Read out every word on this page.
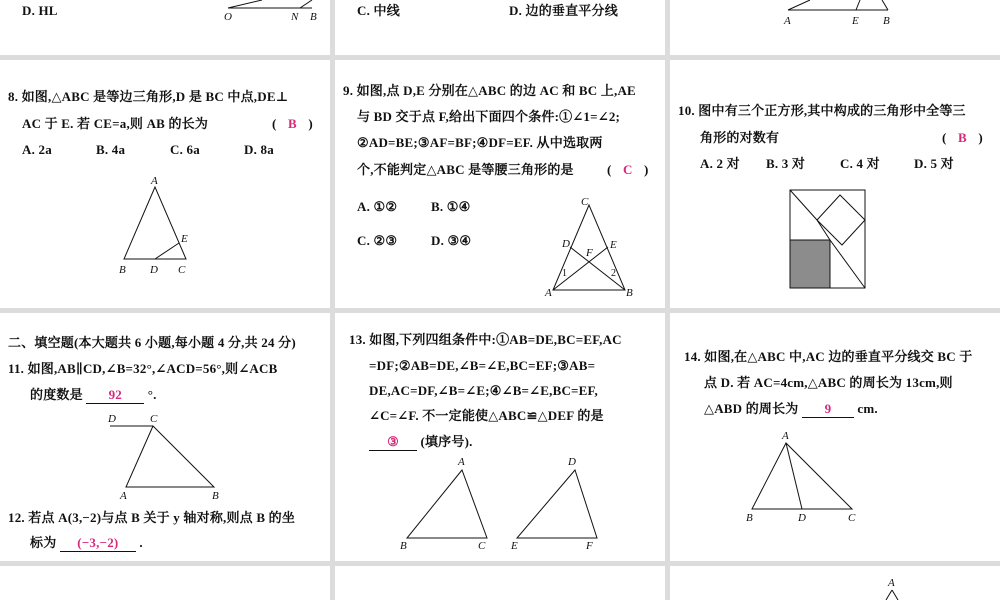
D. HL	O	N B	C. 中线	D. 边的垂直平分线
A	E B
8. 如图,△ABC 是等边三角形,D 是 BC 中点,DE⊥
AC 于 E. 若 CE=a,则 AB 的长为	( B )
A. 2a	B. 4a	C. 6a	D. 8a
A
B D C
E
9. 如图,点 D,E 分别在△ABC 的边 AC 和 BC 上,AE
与 BD 交于点 F,给出下面四个条件:①∠1=∠2;
②AD=BE;③AF=BF;④DF=EF. 从中选取两
个,不能判定△ABC 是等腰三角形的是	( C )
A. ①②	B. ①④
C. ②③	D. ③④
C
D	E
F
1	2
A	B
10. 图中有三个正方形,其中构成的三角形中全等三
角形的对数有	( B )
A. 2 对 B. 3 对	C. 4 对	D. 5 对
二、填空题(本大题共 6 小题,每小题 4 分,共 24 分)
11. 如图,AB∥CD,∠B=32°,∠ACD=56°,则∠ACB
的度数是 92 °.
D	C
A	B
12. 若点 A(3,−2)与点 B 关于 y 轴对称,则点 B 的坐
标为 (−3,−2) .
13. 如图,下列四组条件中:①AB=DE,BC=EF,AC
=DF;②AB=DE,∠B=∠E,BC=EF;③AB=
DE,AC=DF,∠B=∠E;④∠B=∠E,BC=EF,
∠C=∠F. 不一定能使△ABC≌△DEF 的是
③ (填序号).
A
B	C
D
E	F
14. 如图,在△ABC 中,AC 边的垂直平分线交 BC 于
点 D. 若 AC=4cm,△ABC 的周长为 13cm,则
△ABD 的周长为 9 cm.
A
B	D	C
A
